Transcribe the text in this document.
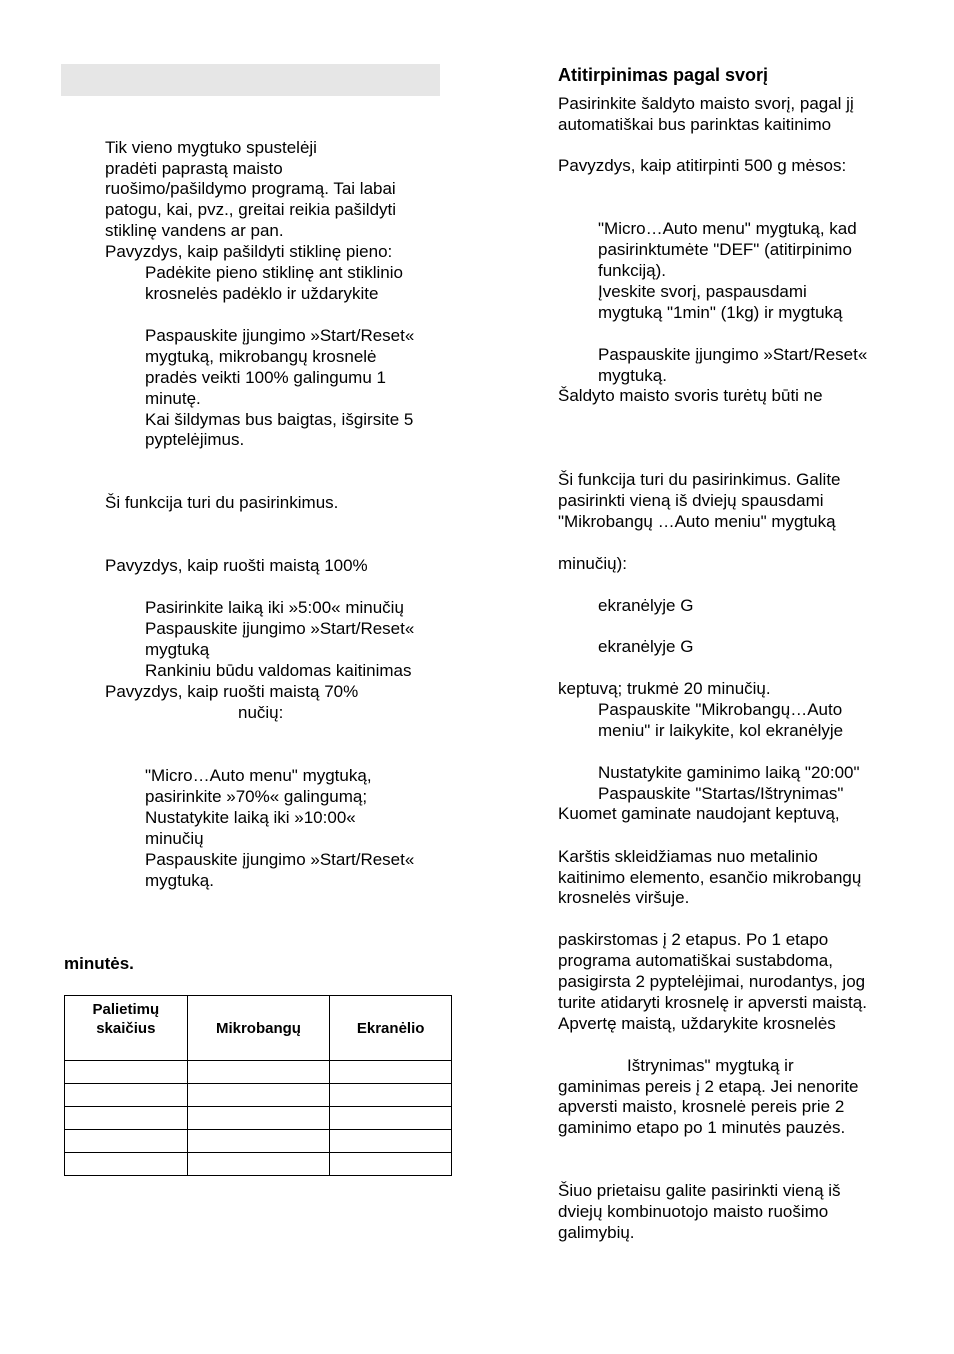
Tik vieno mygtuko spustelėji
pradėti paprastą maisto
ruošimo/pašildymo programą. Tai labai
patogu, kai, pvz., greitai reikia pašildyti
stiklinę vandens ar pan.
Pavyzdys, kaip pašildyti stiklinę pieno:
Padėkite pieno stiklinę ant stiklinio
krosnelės padėklo ir uždarykite
Paspauskite įjungimo »Start/Reset«
mygtuką, mikrobangų krosnelė
pradės veikti 100% galingumu 1
minutę.
Kai šildymas bus baigtas, išgirsite 5
pyptelėjimus.
Ši funkcija turi du pasirinkimus.
Pavyzdys, kaip ruošti maistą 100%
Pasirinkite laiką iki »5:00« minučių
Paspauskite įjungimo »Start/Reset«
mygtuką
Rankiniu būdu valdomas kaitinimas
Pavyzdys, kaip ruošti maistą 70%
nučių:
"Micro…Auto menu" mygtuką,
pasirinkite »70%« galingumą;
Nustatykite laiką iki »10:00«
minučių
Paspauskite įjungimo »Start/Reset«
mygtuką.
minutės.
Palietimų skaičius	Mikrobangų	Ekranėlio

Atitirpinimas pagal svorį
Pasirinkite šaldyto maisto svorį, pagal jį
automatiškai bus parinktas kaitinimo
Pavyzdys, kaip atitirpinti 500 g mėsos:
"Micro…Auto menu" mygtuką, kad
pasirinktumėte "DEF" (atitirpinimo
funkciją).
Įveskite svorį, paspausdami
mygtuką "1min" (1kg) ir mygtuką
Paspauskite įjungimo »Start/Reset«
mygtuką.
Šaldyto maisto svoris turėtų būti ne
Ši funkcija turi du pasirinkimus. Galite
pasirinkti vieną iš dviejų spausdami
"Mikrobangų …Auto meniu" mygtuką
minučių):
ekranėlyje G
ekranėlyje G
keptuvą; trukmė 20 minučių.
Paspauskite "Mikrobangų…Auto
meniu" ir laikykite, kol ekranėlyje
Nustatykite gaminimo laiką "20:00"
Paspauskite "Startas/Ištrynimas"
Kuomet gaminate naudojant keptuvą,
Karštis skleidžiamas nuo metalinio
kaitinimo elemento, esančio mikrobangų
krosnelės viršuje.
paskirstomas į 2 etapus. Po 1 etapo
programa automatiškai sustabdoma,
pasigirsta 2 pyptelėjimai, nurodantys, jog
turite atidaryti krosnelę ir apversti maistą.
Apvertę maistą, uždarykite krosnelės
Ištrynimas" mygtuką ir
gaminimas pereis į 2 etapą. Jei nenorite
apversti maisto, krosnelė pereis prie 2
gaminimo etapo po 1 minutės pauzės.
Šiuo prietaisu galite pasirinkti vieną iš
dviejų kombinuotojo maisto ruošimo
galimybių.
